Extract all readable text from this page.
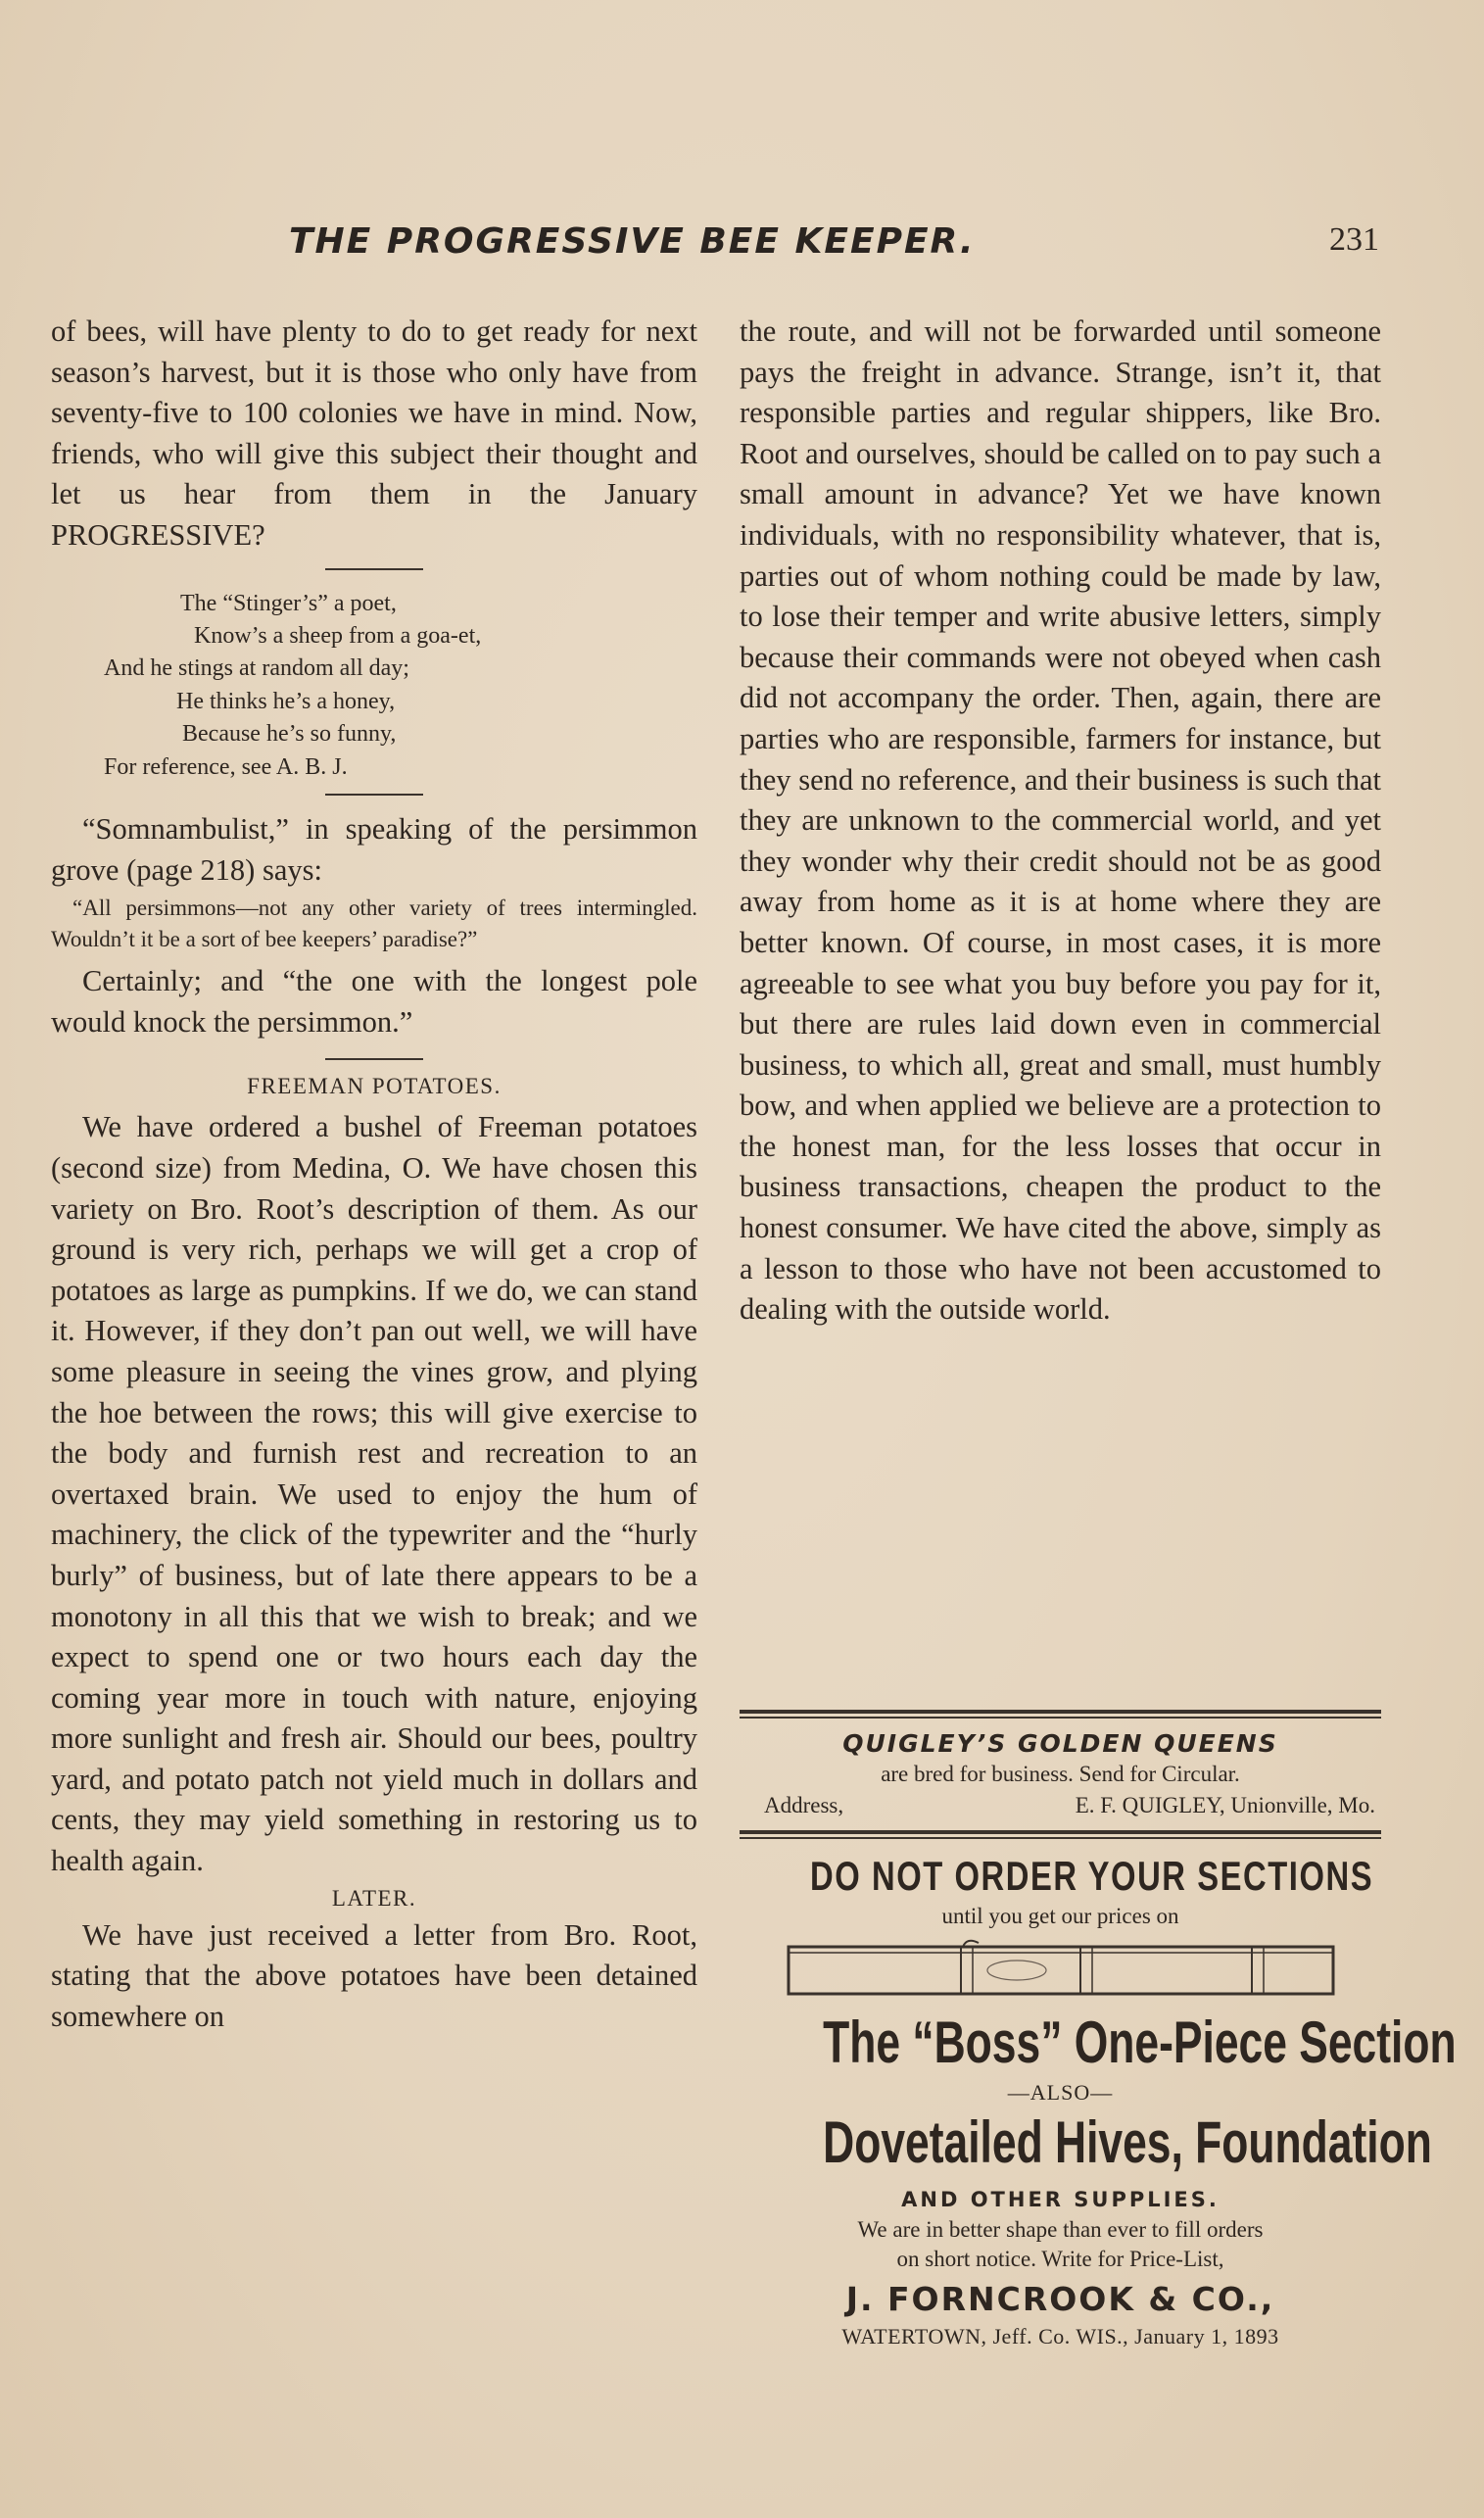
THE PROGRESSIVE BEE KEEPER.	231

of bees, will have plenty to do to get ready for next season’s harvest, but it is those who only have from seventy-five to 100 colonies we have in mind. Now, friends, who will give this subject their thought and let us hear from them in the January PROGRESSIVE?

The “Stinger’s” a poet,
Know’s a sheep from a goa-et,
And he stings at random all day;
He thinks he’s a honey,
Because he’s so funny,
For reference, see A. B. J.

“Somnambulist,” in speaking of the persimmon grove (page 218) says:

“All persimmons—not any other variety of trees intermingled. Wouldn’t it be a sort of bee keepers’ paradise?”

Certainly; and “the one with the longest pole would knock the persimmon.”

FREEMAN POTATOES.

We have ordered a bushel of Freeman potatoes (second size) from Medina, O. We have chosen this variety on Bro. Root’s description of them. As our ground is very rich, perhaps we will get a crop of potatoes as large as pumpkins. If we do, we can stand it. However, if they don’t pan out well, we will have some pleasure in seeing the vines grow, and plying the hoe between the rows; this will give exercise to the body and furnish rest and recreation to an overtaxed brain. We used to enjoy the hum of machinery, the click of the typewriter and the “hurly burly” of business, but of late there appears to be a monotony in all this that we wish to break; and we expect to spend one or two hours each day the coming year more in touch with nature, enjoying more sunlight and fresh air. Should our bees, poultry yard, and potato patch not yield much in dollars and cents, they may yield something in restoring us to health again.

LATER.

We have just received a letter from Bro. Root, stating that the above potatoes have been detained somewhere on

the route, and will not be forwarded until someone pays the freight in advance. Strange, isn’t it, that responsible parties and regular shippers, like Bro. Root and ourselves, should be called on to pay such a small amount in advance? Yet we have known individuals, with no responsibility whatever, that is, parties out of whom nothing could be made by law, to lose their temper and write abusive letters, simply because their commands were not obeyed when cash did not accompany the order. Then, again, there are parties who are responsible, farmers for instance, but they send no reference, and their business is such that they are unknown to the commercial world, and yet they wonder why their credit should not be as good away from home as it is at home where they are better known. Of course, in most cases, it is more agreeable to see what you buy before you pay for it, but there are rules laid down even in commercial business, to which all, great and small, must humbly bow, and when applied we believe are a protection to the honest man, for the less losses that occur in business transactions, cheapen the product to the honest consumer. We have cited the above, simply as a lesson to those who have not been accustomed to dealing with the outside world.

QUIGLEY’S GOLDEN QUEENS
are bred for business. Send for Circular.
Address,	E. F. QUIGLEY, Unionville, Mo.
DO NOT ORDER YOUR SECTIONS
until you get our prices on
The “Boss” One-Piece Section
—ALSO—
Dovetailed Hives, Foundation
AND OTHER SUPPLIES.
We are in better shape than ever to fill orders
on short notice. Write for Price-List,
J. FORNCROOK & CO.,
WATERTOWN, Jeff. Co. WIS., January 1, 1893
